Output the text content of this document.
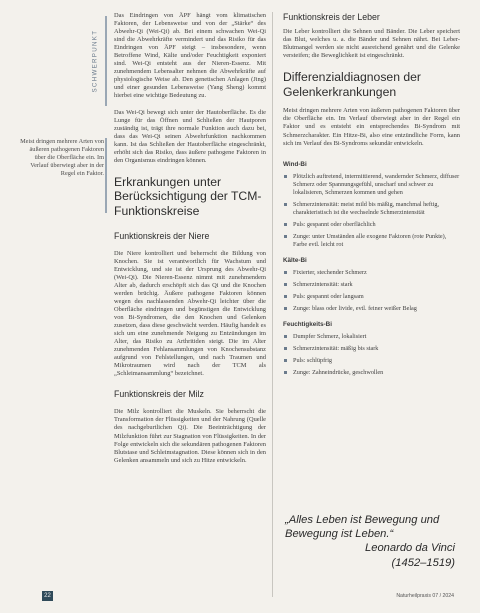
Meist dringen mehrere Arten von äußeren pathogenen Faktoren über die Oberfläche ein. Im Verlauf überwiegt aber in der Regel ein Faktor.
SCHWERPUNKT

Das Eindringen von ÄPF hängt vom klimatischen Faktoren, der Lebensweise und von der „Stärke“ des Abwehr-Qi (Wei-Qi) ab. Bei einem schwachen Wei-Qi sind die Abwehrkräfte vermindert und das Risiko für das Eindringen von ÄPF steigt – insbesondere, wenn Betroffene Wind, Kälte und/oder Feuchtigkeit exponiert sind. Wei-Qi entsteht aus der Nieren-Essenz. Mit zunehmendem Lebensalter nehmen die Abwehrkräfte auf physiologische Weise ab. Den genetischen Anlagen (Jing) und einer gesunden Lebensweise (Yang Sheng) kommt hierbei eine wichtige Bedeutung zu.

Das Wei-Qi bewegt sich unter der Hautoberfläche. Es die Lunge für das Öffnen und Schließen der Hautporen zuständig ist, trägt ihre normale Funktion auch dazu bei, dass das Wei-Qi seinen Abwehrfunktion nachkommen kann. Ist das Schließen der Hautoberfläche eingeschränkt, erhöht sich das Risiko, dass äußere pathogene Faktoren in den Organismus eindringen können.

Erkrankungen unter Berücksichtigung der TCM-Funktionskreise
Funktionskreis der Niere

Die Niere kontrolliert und beherrscht die Bildung von Knochen. Sie ist verantwortlich für Wachstum und Entwicklung, und sie ist der Ursprung des Abwehr-Qi (Wei-Qi). Die Nieren-Essenz nimmt mit zunehmendem Alter ab, dadurch erschöpft sich das Qi und die Knochen werden brüchig. Äußere pathogene Faktoren können wegen des nachlassenden Abwehr-Qi leichter über die Oberfläche eindringen und begünstigen die Entwicklung von Bi-Syndromen, die den Knochen und Gelenken zusetzen, dass diese geschwächt werden. Häufig handelt es sich um eine zunehmende Neigung zu Entzündungen im Alter, das Risiko zu Arthritiden steigt. Die im Alter zunehmenden Fehlansammlungen von Knochensubstanz aufgrund von Fehlstellungen, und nach Traumen und Mikrotraumen wird nach der TCM als „Schleimansammlung“ bezeichnet.

Funktionskreis der Milz

Die Milz kontrolliert die Muskeln. Sie beherrscht die Transformation der Flüssigkeiten und der Nahrung (Quelle des nachgeburtlichen Qi). Die Beeinträchtigung der Milzfunktion führt zur Stagnation von Flüssigkeiten. In der Folge entwickeln sich die sekundären pathogenen Faktoren Blutstase und Schleimstagnation. Diese können sich in den Gelenken ansammeln und sich zu Hitze entwickeln.

Funktionskreis der Leber

Die Leber kontrolliert die Sehnen und Bänder. Die Leber speichert das Blut, welches u. a. die Bänder und Sehnen nährt. Bei Leber-Blutmangel werden sie nicht ausreichend genährt und die Gelenke versteifen; die Beweglichkeit ist eingeschränkt.

Differenzialdiagnosen der Gelenkerkrankungen

Meist dringen mehrere Arten von äußeren pathogenen Faktoren über die Oberfläche ein. Im Verlauf überwiegt aber in der Regel ein Faktor und es entsteht ein entsprechendes Bi-Syndrom mit Schmerzcharakter. Ein Hitze-Bi, also eine entzündliche Form, kann sich im Verlauf des Bi-Syndroms sekundär entwickeln.

Wind-Bi
Plötzlich auftretend, intermittierend, wandernder Schmerz, diffuser Schmerz oder Spannungsgefühl, unscharf und schwer zu lokalisieren, Schmerzen kommen und gehen
Schmerzintensität: meist mild bis mäßig, manchmal heftig, charakteristisch ist die wechselnde Schmerzintensität
Puls: gespannt oder oberflächlich
Zunge: unter Umständen alle exogene Faktoren (rote Punkte), Farbe evtl. leicht rot
Kälte-Bi
Fixierter, stechender Schmerz
Schmerzintensität: stark
Puls: gespannt oder langsam
Zunge: blass oder livide, evtl. feiner weißer Belag
Feuchtigkeits-Bi
Dumpfer Schmerz, lokalisiert
Schmerzintensität: mäßig bis stark
Puls: schlüpfrig
Zunge: Zahneindrücke, geschwollen
„Alles Leben ist Bewegung und Bewegung ist Leben.“
Leonardo da Vinci
(1452–1519)
22	Naturheilpraxis 07 / 2024
